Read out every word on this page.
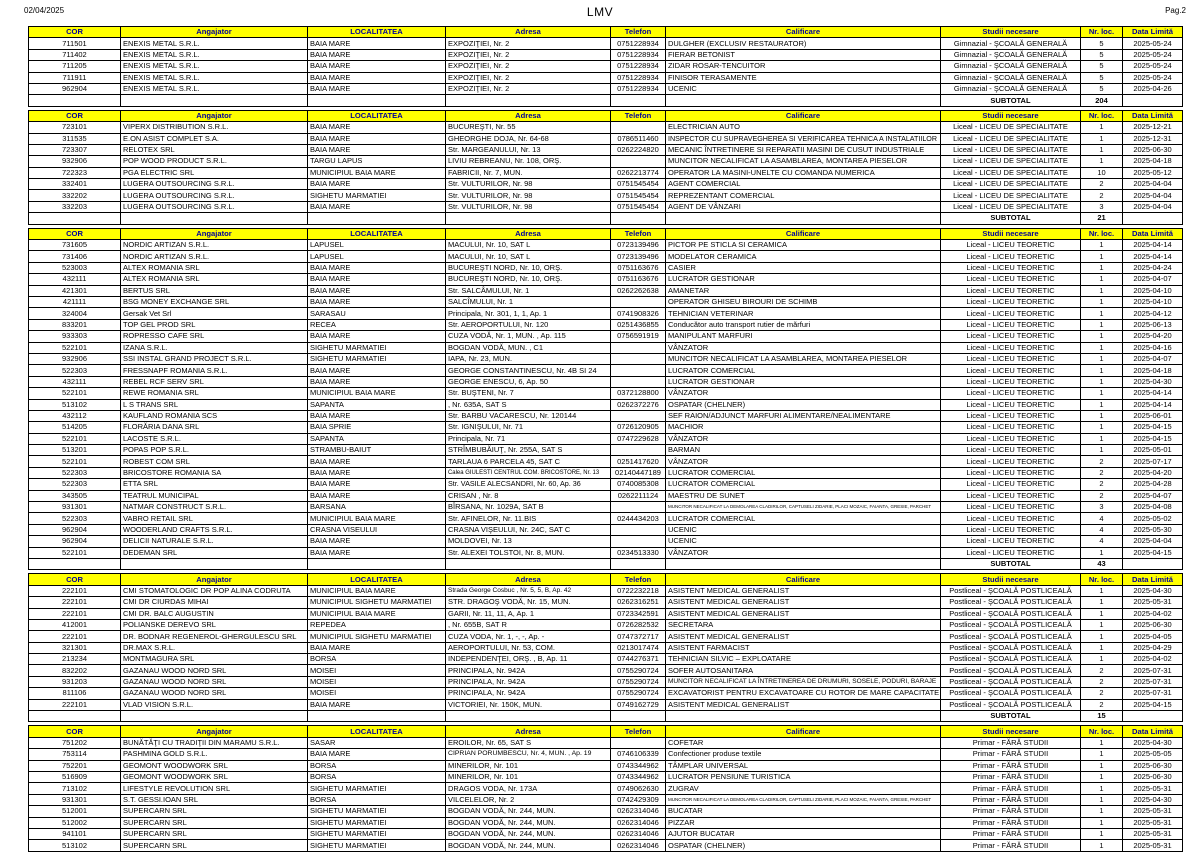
02/04/2025	LMV	Pag.2
COR	Angajator	LOCALITATEA	Adresa	Telefon	Calificare	Studii necesare	Nr. loc.	Data Limită
711501	ENEXIS METAL S.R.L.	BAIA MARE	EXPOZIŢIEI, Nr. 2	0751228934	DULGHER (EXCLUSIV RESTAURATOR)	Gimnazial - ŞCOALĂ GENERALĂ	5	2025-05-24
711402	ENEXIS METAL S.R.L.	BAIA MARE	EXPOZIŢIEI, Nr. 2	0751228934	FIERAR BETONIST	Gimnazial - ŞCOALĂ GENERALĂ	5	2025-05-24
711205	ENEXIS METAL S.R.L.	BAIA MARE	EXPOZIŢIEI, Nr. 2	0751228934	ZIDAR ROSAR-TENCUITOR	Gimnazial - ŞCOALĂ GENERALĂ	5	2025-05-24
711911	ENEXIS METAL S.R.L.	BAIA MARE	EXPOZIŢIEI, Nr. 2	0751228934	FINISOR TERASAMENTE	Gimnazial - ŞCOALĂ GENERALĂ	5	2025-05-24
962904	ENEXIS METAL S.R.L.	BAIA MARE	EXPOZIŢIEI, Nr. 2	0751228934	UCENIC	Gimnazial - ŞCOALĂ GENERALĂ	5	2025-04-26
						SUBTOTAL	204	
COR	Angajator	LOCALITATEA	Adresa	Telefon	Calificare	Studii necesare	Nr. loc.	Data Limită
723101	VIPERX DISTRIBUTION S.R.L.	BAIA MARE	BUCUREŞTI, Nr. 55		ELECTRICIAN AUTO	Liceal - LICEU DE SPECIALITATE	1	2025-12-21
311535	E.ON ASIST COMPLET S.A.	BAIA MARE	GHEORGHE DOJA, Nr. 64-68	0786511460	INSPECTOR CU SUPRAVEGHEREA SI VERIFICAREA TEHNICA A INSTALATIILOR	Liceal - LICEU DE SPECIALITATE	1	2025-12-31
723307	RELOTEX SRL	BAIA MARE	Str. MARGEANULUI, Nr. 13	0262224820	MECANIC ÎNTRETINERE SI REPARATII MASINI DE CUSUT INDUSTRIALE	Liceal - LICEU DE SPECIALITATE	1	2025-06-30
932906	POP WOOD PRODUCT S.R.L.	TARGU LAPUS	LIVIU REBREANU, Nr. 108, ORŞ.		MUNCITOR NECALIFICAT LA ASAMBLAREA, MONTAREA PIESELOR	Liceal - LICEU DE SPECIALITATE	1	2025-04-18
722323	PGA ELECTRIC SRL	MUNICIPIUL BAIA MARE	FABRICII, Nr. 7, MUN.	0262213774	OPERATOR LA MASINI-UNELTE CU COMANDA NUMERICA	Liceal - LICEU DE SPECIALITATE	10	2025-05-12
332401	LUGERA OUTSOURCING S.R.L.	BAIA MARE	Str. VULTURILOR, Nr. 98	0751545454	AGENT COMERCIAL	Liceal - LICEU DE SPECIALITATE	2	2025-04-04
332202	LUGERA OUTSOURCING S.R.L.	SIGHETU MARMATIEI	Str. VULTURILOR, Nr. 98	0751545454	REPREZENTANT COMERCIAL	Liceal - LICEU DE SPECIALITATE	2	2025-04-04
332203	LUGERA OUTSOURCING S.R.L.	BAIA MARE	Str. VULTURILOR, Nr. 98	0751545454	AGENT DE VÂNZARI	Liceal - LICEU DE SPECIALITATE	3	2025-04-04
						SUBTOTAL	21	
COR	Angajator	LOCALITATEA	Adresa	Telefon	Calificare	Studii necesare	Nr. loc.	Data Limită
731605	NORDIC ARTIZAN S.R.L.	LAPUSEL	MACULUI, Nr. 10, SAT L	0723139496	PICTOR PE STICLA SI CERAMICA	Liceal - LICEU TEORETIC	1	2025-04-14
731406	NORDIC ARTIZAN S.R.L.	LAPUSEL	MACULUI, Nr. 10, SAT L	0723139496	MODELATOR CERAMICA	Liceal - LICEU TEORETIC	1	2025-04-14
523003	ALTEX ROMANIA SRL	BAIA MARE	BUCUREŞTI NORD, Nr. 10, ORŞ.	0751163676	CASIER	Liceal - LICEU TEORETIC	1	2025-04-24
432111	ALTEX ROMANIA SRL	BAIA MARE	BUCUREŞTI NORD, Nr. 10, ORŞ.	0751163676	LUCRATOR GESTIONAR	Liceal - LICEU TEORETIC	1	2025-04-07
421301	BERTUS SRL	BAIA MARE	Str. SALCÂMULUI, Nr. 1	0262262638	AMANETAR	Liceal - LICEU TEORETIC	1	2025-04-10
421111	BSG MONEY EXCHANGE SRL	BAIA MARE	SALCÎMULUI, Nr. 1		OPERATOR GHISEU BIROURI DE SCHIMB	Liceal - LICEU TEORETIC	1	2025-04-10
324004	Gersak Vet Srl	SARASAU	Principala, Nr. 301, 1, 1, Ap. 1	0741908326	TEHNICIAN VETERINAR	Liceal - LICEU TEORETIC	1	2025-04-12
833201	TOP GEL PROD SRL	RECEA	Str. AEROPORTULUI, Nr. 120	0251436855	Conducător auto transport rutier de mărfuri	Liceal - LICEU TEORETIC	1	2025-06-13
933303	ROPRESSO CAFE SRL	BAIA MARE	CUZA VODĂ, Nr. 1, MUN. , Ap. 115	0756591919	MANIPULANT MARFURI	Liceal - LICEU TEORETIC	1	2025-04-20
522101	IZANA S.R.L.	SIGHETU MARMATIEI	BOGDAN VODĂ, MUN. , C1		VÂNZATOR	Liceal - LICEU TEORETIC	1	2025-04-16
932906	SSI INSTAL GRAND PROJECT S.R.L.	SIGHETU MARMATIEI	IAPA, Nr. 23, MUN.		MUNCITOR NECALIFICAT LA ASAMBLAREA, MONTAREA PIESELOR	Liceal - LICEU TEORETIC	1	2025-04-07
522303	FRESSNAPF ROMANIA S.R.L.	BAIA MARE	GEORGE CONSTANTINESCU, Nr. 4B SI 24		LUCRATOR COMERCIAL	Liceal - LICEU TEORETIC	1	2025-04-18
432111	REBEL RCF SERV SRL	BAIA MARE	GEORGE ENESCU, 6, Ap. 50		LUCRATOR GESTIONAR	Liceal - LICEU TEORETIC	1	2025-04-30
522101	REWE ROMANIA SRL	MUNICIPIUL BAIA MARE	Str. BUŞTENI, Nr. 7	0372128800	VÂNZATOR	Liceal - LICEU TEORETIC	1	2025-04-14
513102	L S TRANS SRL	SAPANTA	, Nr. 635A, SAT S	0262372276	OSPATAR (CHELNER)	Liceal - LICEU TEORETIC	1	2025-04-14
432112	KAUFLAND ROMANIA SCS	BAIA MARE	Str. BARBU VACARESCU, Nr. 120144		SEF RAION/ADJUNCT MARFURI ALIMENTARE/NEALIMENTARE	Liceal - LICEU TEORETIC	1	2025-06-01
514205	FLORĂRIA DANA SRL	BAIA SPRIE	Str. IGNIŞULUI, Nr. 71	0726120905	MACHIOR	Liceal - LICEU TEORETIC	1	2025-04-15
522101	LACOSTE S.R.L.	SAPANTA	Principala, Nr. 71	0747229628	VÂNZATOR	Liceal - LICEU TEORETIC	1	2025-04-15
513201	POPAS POP S.R.L.	STRAMBU-BAIUT	STRÎMBUBĂIUŢ, Nr. 255A, SAT S		BARMAN	Liceal - LICEU TEORETIC	1	2025-05-01
522101	ROBEST COM SRL	BAIA MARE	TARLAUA 6 PARCELA 45, SAT C	0251417620	VÂNZATOR	Liceal - LICEU TEORETIC	2	2025-07-17
522303	BRICOSTORE ROMANIA SA	BAIA MARE	Calea GIULESTI CENTRUL COM. BRICOSTORE, Nr. 13	02140447189	LUCRATOR COMERCIAL	Liceal - LICEU TEORETIC	2	2025-04-20
522303	ETTA SRL	BAIA MARE	Str. VASILE ALECSANDRI, Nr. 60, Ap. 36	0740085308	LUCRATOR COMERCIAL	Liceal - LICEU TEORETIC	2	2025-04-28
343505	TEATRUL MUNICIPAL	BAIA MARE	CRISAN , Nr. 8	0262211124	MAESTRU DE SUNET	Liceal - LICEU TEORETIC	2	2025-04-07
931301	NATMAR CONSTRUCT S.R.L.	BARSANA	BÎRSANA, Nr. 1029A, SAT B		MUNCITOR NECALIFICAT LA DEMOLAREA CLADIRILOR, CAPTUSELI ZIDARIE, PLACI MOZAIC, FAIANTA, GRESIE, PARCHET	Liceal - LICEU TEORETIC	3	2025-04-08
522303	VABRO RETAIL SRL	MUNICIPIUL BAIA MARE	Str. AFINELOR, Nr. 11.BIS	0244434203	LUCRATOR COMERCIAL	Liceal - LICEU TEORETIC	4	2025-05-02
962904	WOODERLAND CRAFTS S.R.L.	CRASNA VISEULUI	CRASNA VIŞEULUI, Nr. 24C, SAT C		UCENIC	Liceal - LICEU TEORETIC	4	2025-05-30
962904	DELICII NATURALE S.R.L.	BAIA MARE	MOLDOVEI, Nr. 13		UCENIC	Liceal - LICEU TEORETIC	4	2025-04-04
522101	DEDEMAN SRL	BAIA MARE	Str. ALEXEI TOLSTOI, Nr. 8, MUN.	0234513330	VÂNZATOR	Liceal - LICEU TEORETIC	1	2025-04-15
						SUBTOTAL	43	
COR	Angajator	LOCALITATEA	Adresa	Telefon	Calificare	Studii necesare	Nr. loc.	Data Limită
222101	CMI STOMATOLOGIC DR POP ALINA CODRUTA	MUNICIPIUL BAIA MARE	Strada George Cosbuc , Nr. 5, 5, B, Ap. 42	0722232218	ASISTENT MEDICAL GENERALIST	Postliceal - ŞCOALĂ POSTLICEALĂ	1	2025-04-30
222101	CMI DR CIURDAS MIHAI	MUNICIPIUL SIGHETU MARMATIEI	STR. DRAGOŞ VODĂ, Nr. 15, MUN.	0262316251	ASISTENT MEDICAL GENERALIST	Postliceal - ŞCOALĂ POSTLICEALĂ	1	2025-05-31
222101	CMI DR. BALC AUGUSTIN	MUNICIPIUL BAIA MARE	GARII, Nr. 11, 11, A, Ap. 1	0723342591	ASISTENT MEDICAL GENERALIST	Postliceal - ŞCOALĂ POSTLICEALĂ	1	2025-04-02
412001	POLIANSKE DEREVO SRL	REPEDEA	, Nr. 655B, SAT R	0726282532	SECRETARA	Postliceal - ŞCOALĂ POSTLICEALĂ	1	2025-06-30
222101	DR. BODNAR REGENEROL-GHERGULESCU SRL	MUNICIPIUL SIGHETU MARMATIEI	CUZA VODA, Nr. 1, -, -, Ap. -	0747372717	ASISTENT MEDICAL GENERALIST	Postliceal - ŞCOALĂ POSTLICEALĂ	1	2025-04-05
321301	DR.MAX S.R.L.	BAIA MARE	AEROPORTULUI, Nr. 53, COM.	0213017474	ASISTENT FARMACIST	Postliceal - ŞCOALĂ POSTLICEALĂ	1	2025-04-29
213234	MONTMAGURA SRL	BORSA	INDEPENDENŢEI, ORŞ. , B, Ap. 11	0744276371	TEHNICIAN SILVIC – EXPLOATARE	Postliceal - ŞCOALĂ POSTLICEALĂ	1	2025-04-02
832202	GAZANAU WOOD NORD SRL	MOISEI	PRINCIPALA, Nr. 942A	0755290724	SOFER AUTOSANITARA	Postliceal - ŞCOALĂ POSTLICEALĂ	2	2025-07-31
931203	GAZANAU WOOD NORD SRL	MOISEI	PRINCIPALA, Nr. 942A	0755290724	MUNCITOR NECALIFICAT LA ÎNTRETINEREA DE DRUMURI, SOSELE, PODURI, BARAJE	Postliceal - ŞCOALĂ POSTLICEALĂ	2	2025-07-31
811106	GAZANAU WOOD NORD SRL	MOISEI	PRINCIPALA, Nr. 942A	0755290724	EXCAVATORIST PENTRU EXCAVATOARE CU ROTOR DE MARE CAPACITATE	Postliceal - ŞCOALĂ POSTLICEALĂ	2	2025-07-31
222101	VLAD VISION S.R.L.	BAIA MARE	VICTORIEI, Nr. 150K, MUN.	0749162729	ASISTENT MEDICAL GENERALIST	Postliceal - ŞCOALĂ POSTLICEALĂ	2	2025-04-15
						SUBTOTAL	15	
COR	Angajator	LOCALITATEA	Adresa	Telefon	Calificare	Studii necesare	Nr. loc.	Data Limită
751202	BUNĂTĂŢI CU TRADIŢII DIN MARAMU S.R.L.	SASAR	EROILOR, Nr. 65, SAT S		COFETAR	Primar - FĂRĂ STUDII	1	2025-04-30
753114	PASHMINA GOLD S.R.L.	BAIA MARE	CIPRIAN PORUMBESCU, Nr. 4, MUN. , Ap. 19	0746106339	Confectioner produse textile	Primar - FĂRĂ STUDII	1	2025-05-05
752201	GEOMONT WOODWORK SRL	BORSA	MINERILOR, Nr. 101	0743344962	TÂMPLAR UNIVERSAL	Primar - FĂRĂ STUDII	1	2025-06-30
516909	GEOMONT WOODWORK SRL	BORSA	MINERILOR, Nr. 101	0743344962	LUCRATOR PENSIUNE TURISTICA	Primar - FĂRĂ STUDII	1	2025-06-30
713102	LIFESTYLE REVOLUTION SRL	SIGHETU MARMATIEI	DRAGOS VODA, Nr. 173A	0749062630	ZUGRAV	Primar - FĂRĂ STUDII	1	2025-05-31
931301	S.T. GESSI.IOAN SRL	BORSA	VILCELELOR, Nr. 2	0742429309	MUNCITOR NECALIFICAT LA DEMOLAREA CLADIRILOR, CAPTUSELI ZIDARIE, PLACI MOZAIC, FAIANTA, GRESIE, PARCHET	Primar - FĂRĂ STUDII	1	2025-04-30
512001	SUPERCARN SRL	SIGHETU MARMATIEI	BOGDAN VODĂ, Nr. 244, MUN.	0262314046	BUCATAR	Primar - FĂRĂ STUDII	1	2025-05-31
512002	SUPERCARN SRL	SIGHETU MARMATIEI	BOGDAN VODĂ, Nr. 244, MUN.	0262314046	PIZZAR	Primar - FĂRĂ STUDII	1	2025-05-31
941101	SUPERCARN SRL	SIGHETU MARMATIEI	BOGDAN VODĂ, Nr. 244, MUN.	0262314046	AJUTOR BUCATAR	Primar - FĂRĂ STUDII	1	2025-05-31
513102	SUPERCARN SRL	SIGHETU MARMATIEI	BOGDAN VODĂ, Nr. 244, MUN.	0262314046	OSPATAR (CHELNER)	Primar - FĂRĂ STUDII	1	2025-05-31
